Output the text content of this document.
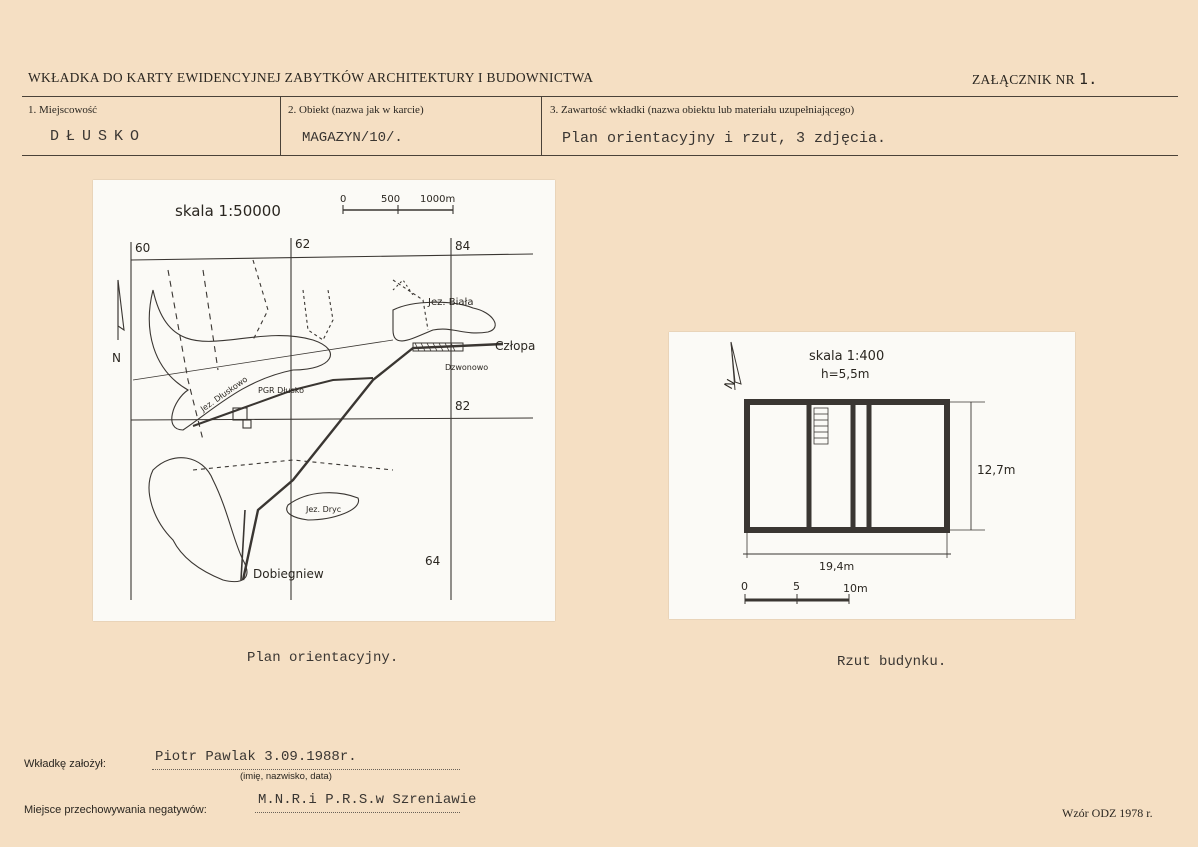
WKŁADKA DO KARTY EWIDENCYJNEJ ZABYTKÓW ARCHITEKTURY I BUDOWNICTWA	ZAŁĄCZNIK NR 1.
1. Miejscowość
DŁUSKO
2. Obiekt (nazwa jak w karcie)
MAGAZYN/10/.
3. Zawartość wkładki (nazwa obiektu lub materiału uzupełniającego)
Plan orientacyjny i rzut, 3 zdjęcia.
skala 1:50000
0	500 1000m
60	62	84
82
64
N
Jez. Biała
Człopa
Dzwonowo
Jez. Dłuskowo PGR Dłusko
Jez. Dryc
Dobiegniew
Plan orientacyjny.
N
skala 1:400
h=5,5m
12,7m
19,4m
0	5	10m
Rzut budynku.
Wkładkę założył:	Piotr Pawlak 3.09.1988r.
(imię, nazwisko, data)
Miejsce przechowywania negatywów:
M.N.R.i P.R.S.w Szreniawie
Wzór ODZ 1978 r.
